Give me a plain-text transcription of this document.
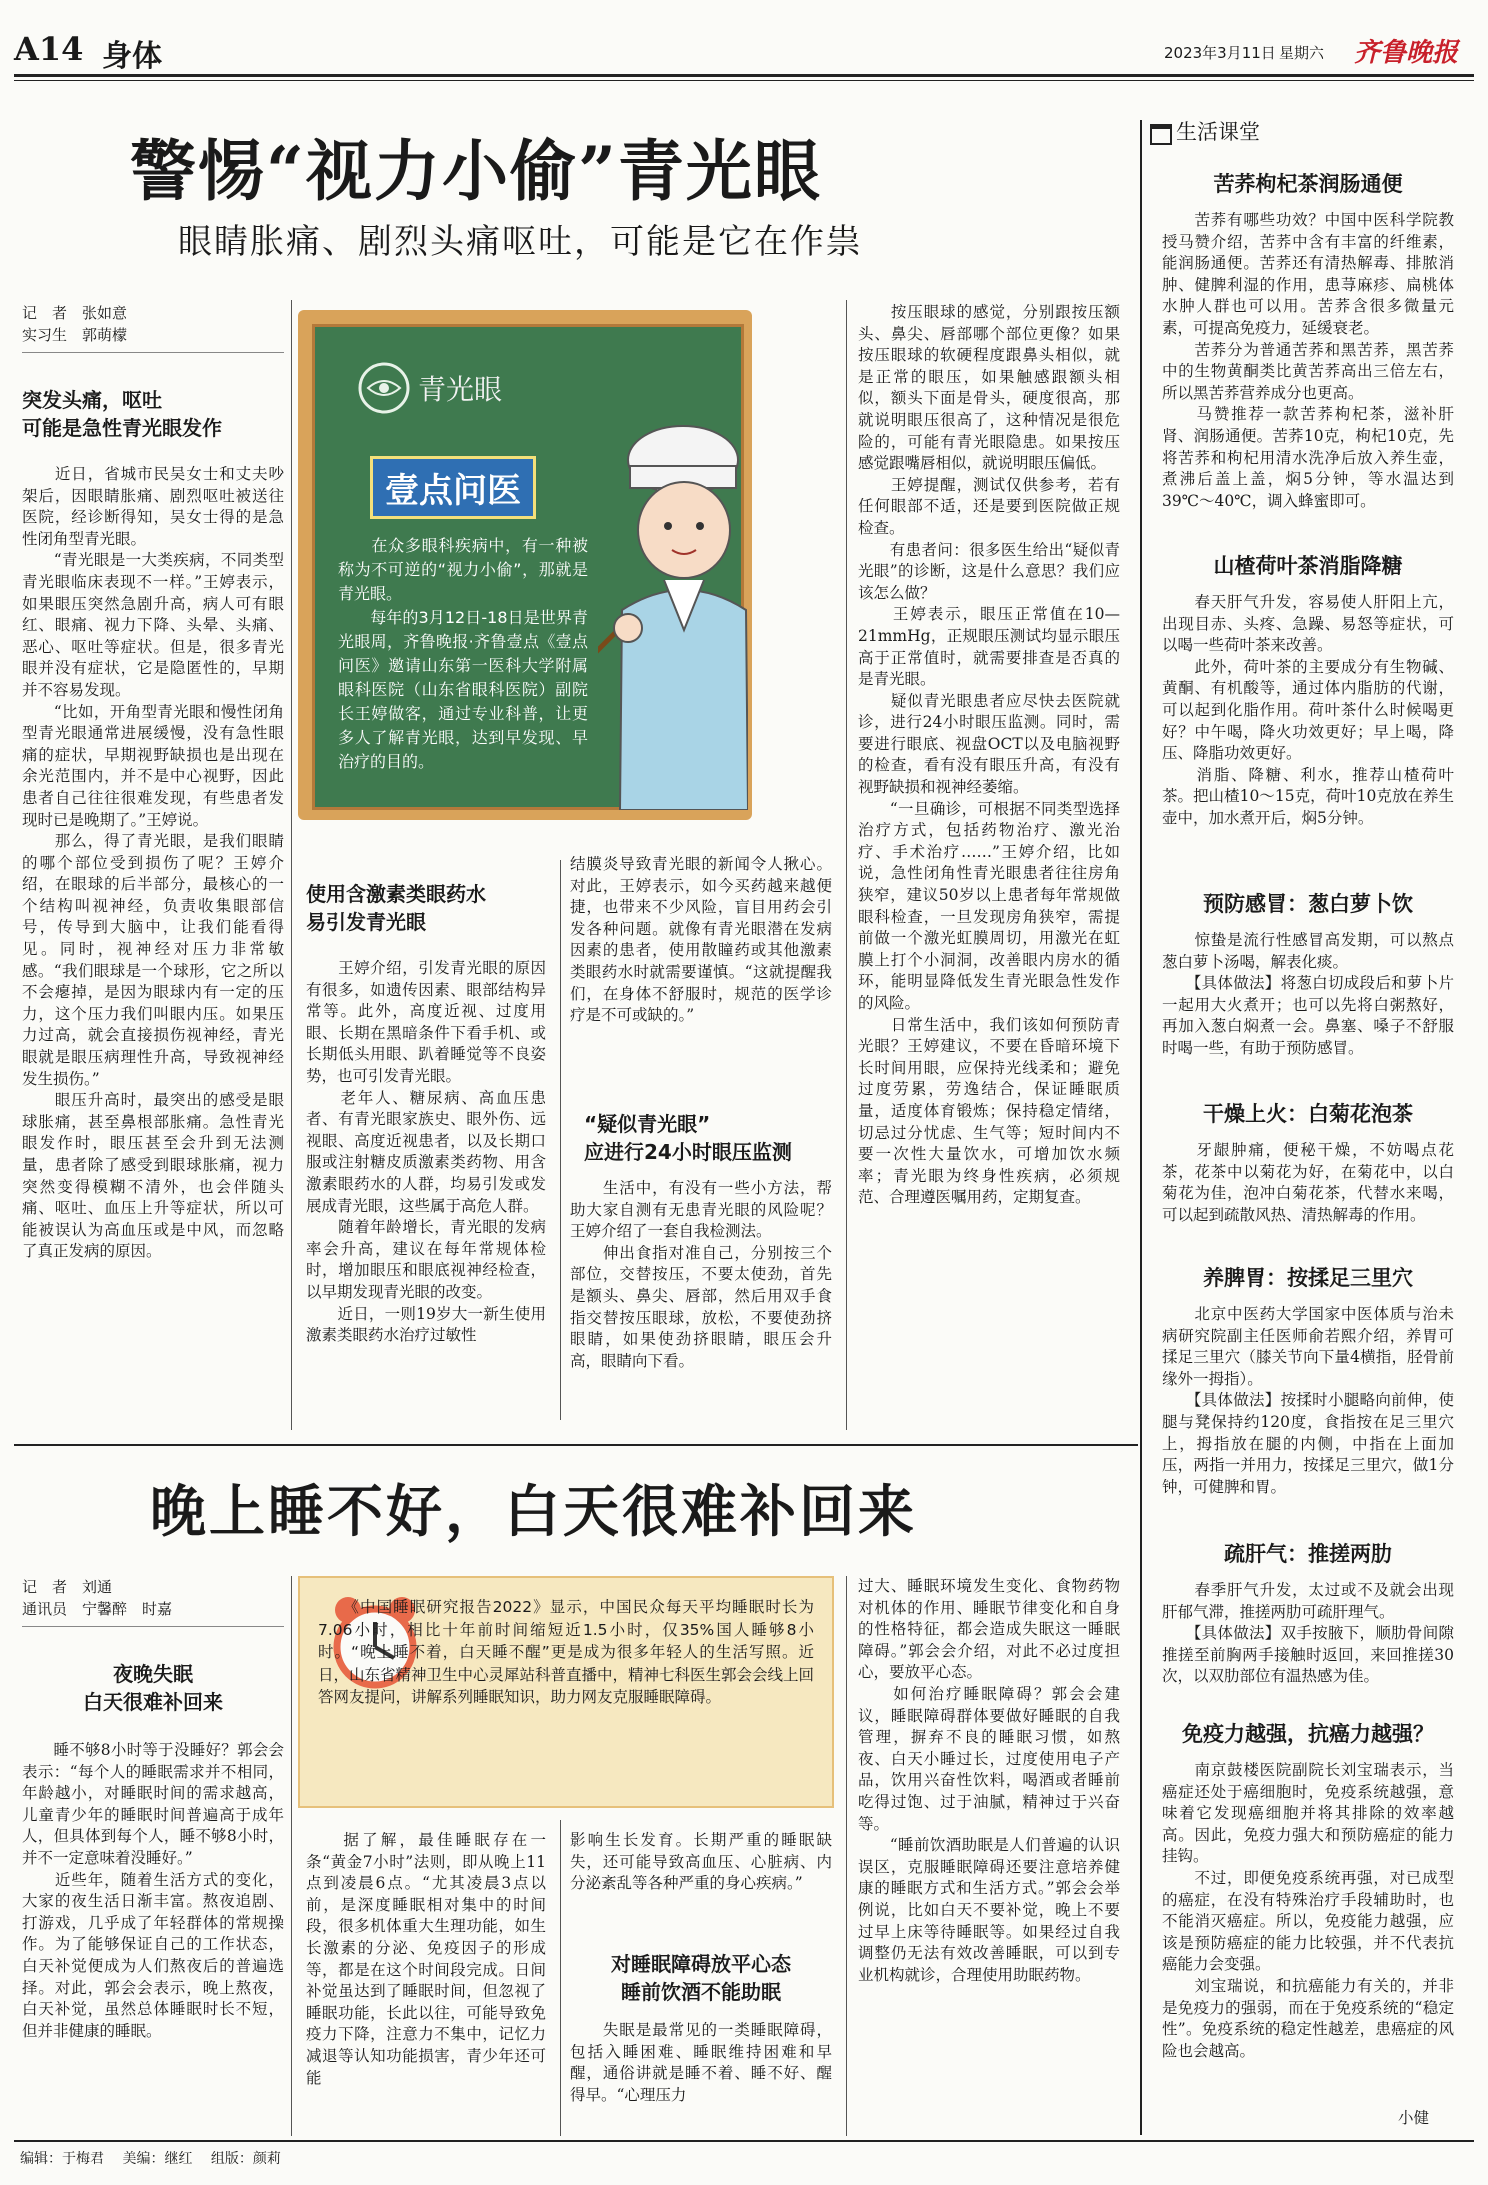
A14 身体	2023年3月11日 星期六 齐鲁晚报
警惕“视力小偷”青光眼
眼睛胀痛、剧烈头痛呕吐，可能是它在作祟
记　者　张如意
实习生　郭萌檬
突发头痛，呕吐
可能是急性青光眼发作
　　近日，省城市民吴女士和丈夫吵架后，因眼睛胀痛、剧烈呕吐被送往医院，经诊断得知，吴女士得的是急性闭角型青光眼。
　　“青光眼是一大类疾病，不同类型青光眼临床表现不一样。”王婷表示，如果眼压突然急剧升高，病人可有眼红、眼痛、视力下降、头晕、头痛、恶心、呕吐等症状。但是，很多青光眼并没有症状，它是隐匿性的，早期并不容易发现。
　　“比如，开角型青光眼和慢性闭角型青光眼通常进展缓慢，没有急性眼痛的症状，早期视野缺损也是出现在余光范围内，并不是中心视野，因此患者自己往往很难发现，有些患者发现时已是晚期了。”王婷说。
　　那么，得了青光眼，是我们眼睛的哪个部位受到损伤了呢？王婷介绍，在眼球的后半部分，最核心的一个结构叫视神经，负责收集眼部信号，传导到大脑中，让我们能看得见。同时，视神经对压力非常敏感。“我们眼球是一个球形，它之所以不会瘪掉，是因为眼球内有一定的压力，这个压力我们叫眼内压。如果压力过高，就会直接损伤视神经，青光眼就是眼压病理性升高，导致视神经发生损伤。”
　　眼压升高时，最突出的感受是眼球胀痛，甚至鼻根部胀痛。急性青光眼发作时，眼压甚至会升到无法测量，患者除了感受到眼球胀痛，视力突然变得模糊不清外，也会伴随头痛、呕吐、血压上升等症状，所以可能被误认为高血压或是中风，而忽略了真正发病的原因。
青光眼
壹点问医
　　在众多眼科疾病中，有一种被称为不可逆的“视力小偷”，那就是青光眼。
　　每年的3月12日-18日是世界青光眼周，齐鲁晚报·齐鲁壹点《壹点问医》邀请山东第一医科大学附属眼科医院（山东省眼科医院）副院长王婷做客，通过专业科普，让更多人了解青光眼，达到早发现、早治疗的目的。
使用含激素类眼药水
易引发青光眼
　　王婷介绍，引发青光眼的原因有很多，如遗传因素、眼部结构异常等。此外，高度近视、过度用眼、长期在黑暗条件下看手机、或长期低头用眼、趴着睡觉等不良姿势，也可引发青光眼。
　　老年人、糖尿病、高血压患者、有青光眼家族史、眼外伤、远视眼、高度近视患者，以及长期口服或注射糖皮质激素类药物、用含激素眼药水的人群，均易引发或发展成青光眼，这些属于高危人群。
　　随着年龄增长，青光眼的发病率会升高，建议在每年常规体检时，增加眼压和眼底视神经检查，以早期发现青光眼的改变。
　　近日，一则19岁大一新生使用激素类眼药水治疗过敏性
结膜炎导致青光眼的新闻令人揪心。对此，王婷表示，如今买药越来越便捷，也带来不少风险，盲目用药会引发各种问题。就像有青光眼潜在发病因素的患者，使用散瞳药或其他激素类眼药水时就需要谨慎。“这就提醒我们，在身体不舒服时，规范的医学诊疗是不可或缺的。”
“疑似青光眼”
应进行24小时眼压监测
　　生活中，有没有一些小方法，帮助大家自测有无患青光眼的风险呢？王婷介绍了一套自我检测法。
　　伸出食指对准自己，分别按三个部位，交替按压，不要太使劲，首先是额头、鼻尖、唇部，然后用双手食指交替按压眼球，放松，不要使劲挤眼睛，如果使劲挤眼睛，眼压会升高，眼睛向下看。
　　按压眼球的感觉，分别跟按压额头、鼻尖、唇部哪个部位更像？如果按压眼球的软硬程度跟鼻头相似，就是正常的眼压，如果触感跟额头相似，额头下面是骨头，硬度很高，那就说明眼压很高了，这种情况是很危险的，可能有青光眼隐患。如果按压感觉跟嘴唇相似，就说明眼压偏低。
　　王婷提醒，测试仅供参考，若有任何眼部不适，还是要到医院做正规检查。
　　有患者问：很多医生给出“疑似青光眼”的诊断，这是什么意思？我们应该怎么做？
　　王婷表示，眼压正常值在10—21mmHg，正规眼压测试均显示眼压高于正常值时，就需要排查是否真的是青光眼。
　　疑似青光眼患者应尽快去医院就诊，进行24小时眼压监测。同时，需要进行眼底、视盘OCT以及电脑视野的检查，看有没有眼压升高，有没有视野缺损和视神经萎缩。
　　“一旦确诊，可根据不同类型选择治疗方式，包括药物治疗、激光治疗、手术治疗……”王婷介绍，比如说，急性闭角性青光眼患者往往房角狭窄，建议50岁以上患者每年常规做眼科检查，一旦发现房角狭窄，需提前做一个激光虹膜周切，用激光在虹膜上打个小洞洞，改善眼内房水的循环，能明显降低发生青光眼急性发作的风险。
　　日常生活中，我们该如何预防青光眼？王婷建议，不要在昏暗环境下长时间用眼，应保持光线柔和；避免过度劳累，劳逸结合，保证睡眠质量，适度体育锻炼；保持稳定情绪，切忌过分忧虑、生气等；短时间内不要一次性大量饮水，可增加饮水频率；青光眼为终身性疾病，必须规范、合理遵医嘱用药，定期复查。
晚上睡不好，白天很难补回来
记　者　刘通
通讯员　宁馨醉　时嘉
夜晚失眠
白天很难补回来
　　睡不够8小时等于没睡好？郭会会表示：“每个人的睡眠需求并不相同，年龄越小，对睡眠时间的需求越高，儿童青少年的睡眠时间普遍高于成年人，但具体到每个人，睡不够8小时，并不一定意味着没睡好。”
　　近些年，随着生活方式的变化，大家的夜生活日渐丰富。熬夜追剧、打游戏，几乎成了年轻群体的常规操作。为了能够保证自己的工作状态，白天补觉便成为人们熬夜后的普遍选择。对此，郭会会表示，晚上熬夜，白天补觉，虽然总体睡眠时长不短，但并非健康的睡眠。
　　《中国睡眠研究报告2022》显示，中国民众每天平均睡眠时长为7.06小时，相比十年前时间缩短近1.5小时，仅35%国人睡够8小时。“晚上睡不着，白天睡不醒”更是成为很多年轻人的生活写照。近日，山东省精神卫生中心灵犀站科普直播中，精神七科医生郭会会线上回答网友提问，讲解系列睡眠知识，助力网友克服睡眠障碍。
　　据了解，最佳睡眠存在一条“黄金7小时”法则，即从晚上11点到凌晨6点。“尤其凌晨3点以前，是深度睡眠相对集中的时间段，很多机体重大生理功能，如生长激素的分泌、免疫因子的形成等，都是在这个时间段完成。日间补觉虽达到了睡眠时间，但忽视了睡眠功能，长此以往，可能导致免疫力下降，注意力不集中，记忆力减退等认知功能损害，青少年还可能
影响生长发育。长期严重的睡眠缺失，还可能导致高血压、心脏病、内分泌紊乱等各种严重的身心疾病。”
对睡眠障碍放平心态
睡前饮酒不能助眠
　　失眠是最常见的一类睡眠障碍，包括入睡困难、睡眠维持困难和早醒，通俗讲就是睡不着、睡不好、醒得早。“心理压力
过大、睡眠环境发生变化、食物药物对机体的作用、睡眠节律变化和自身的性格特征，都会造成失眠这一睡眠障碍。”郭会会介绍，对此不必过度担心，要放平心态。
　　如何治疗睡眠障碍？郭会会建议，睡眠障碍群体要做好睡眠的自我管理，摒弃不良的睡眠习惯，如熬夜、白天小睡过长，过度使用电子产品，饮用兴奋性饮料，喝酒或者睡前吃得过饱、过于油腻，精神过于兴奋等。
　　“睡前饮酒助眠是人们普遍的认识误区，克服睡眠障碍还要注意培养健康的睡眠方式和生活方式。”郭会会举例说，比如白天不要补觉，晚上不要过早上床等待睡眠等。如果经过自我调整仍无法有效改善睡眠，可以到专业机构就诊，合理使用助眠药物。
生活课堂
苦荞枸杞茶润肠通便
　　苦荞有哪些功效？中国中医科学院教授马赞介绍，苦荞中含有丰富的纤维素，能润肠通便。苦荞还有清热解毒、排脓消肿、健脾利湿的作用，患荨麻疹、扁桃体水肿人群也可以用。苦荞含很多微量元素，可提高免疫力，延缓衰老。
　　苦荞分为普通苦荞和黑苦荞，黑苦荞中的生物黄酮类比黄苦荞高出三倍左右，所以黑苦荞营养成分也更高。
　　马赞推荐一款苦荞枸杞茶，滋补肝肾、润肠通便。苦荞10克，枸杞10克，先将苦荞和枸杞用清水洗净后放入养生壶，煮沸后盖上盖，焖5分钟，等水温达到39℃～40℃，调入蜂蜜即可。
山楂荷叶茶消脂降糖
　　春天肝气升发，容易使人肝阳上亢，出现目赤、头疼、急躁、易怒等症状，可以喝一些荷叶茶来改善。
　　此外，荷叶茶的主要成分有生物碱、黄酮、有机酸等，通过体内脂肪的代谢，可以起到化脂作用。荷叶茶什么时候喝更好？中午喝，降火功效更好；早上喝，降压、降脂功效更好。
　　消脂、降糖、利水，推荐山楂荷叶茶。把山楂10～15克，荷叶10克放在养生壶中，加水煮开后，焖5分钟。
预防感冒：葱白萝卜饮
　　惊蛰是流行性感冒高发期，可以熬点葱白萝卜汤喝，解表化痰。
　　【具体做法】将葱白切成段后和萝卜片一起用大火煮开；也可以先将白粥熬好，再加入葱白焖煮一会。鼻塞、嗓子不舒服时喝一些，有助于预防感冒。
干燥上火：白菊花泡茶
　　牙龈肿痛，便秘干燥，不妨喝点花茶，花茶中以菊花为好，在菊花中，以白菊花为佳，泡冲白菊花茶，代替水来喝，可以起到疏散风热、清热解毒的作用。
养脾胃：按揉足三里穴
　　北京中医药大学国家中医体质与治未病研究院副主任医师俞若熙介绍，养胃可揉足三里穴（膝关节向下量4横指，胫骨前缘外一拇指）。
　　【具体做法】按揉时小腿略向前伸，使腿与凳保持约120度，食指按在足三里穴上，拇指放在腿的内侧，中指在上面加压，两指一并用力，按揉足三里穴，做1分钟，可健脾和胃。
疏肝气：推搓两肋
　　春季肝气升发，太过或不及就会出现肝郁气滞，推搓两肋可疏肝理气。
　　【具体做法】双手按腋下，顺肋骨间隙推搓至前胸两手接触时返回，来回推搓30次，以双肋部位有温热感为佳。
免疫力越强，抗癌力越强？
　　南京鼓楼医院副院长刘宝瑞表示，当癌症还处于癌细胞时，免疫系统越强，意味着它发现癌细胞并将其排除的效率越高。因此，免疫力强大和预防癌症的能力挂钩。
　　不过，即便免疫系统再强，对已成型的癌症，在没有特殊治疗手段辅助时，也不能消灭癌症。所以，免疫能力越强，应该是预防癌症的能力比较强，并不代表抗癌能力会变强。
　　刘宝瑞说，和抗癌能力有关的，并非是免疫力的强弱，而在于免疫系统的“稳定性”。免疫系统的稳定性越差，患癌症的风险也会越高。
小健
编辑：于梅君 美编：继红 组版：颜莉
